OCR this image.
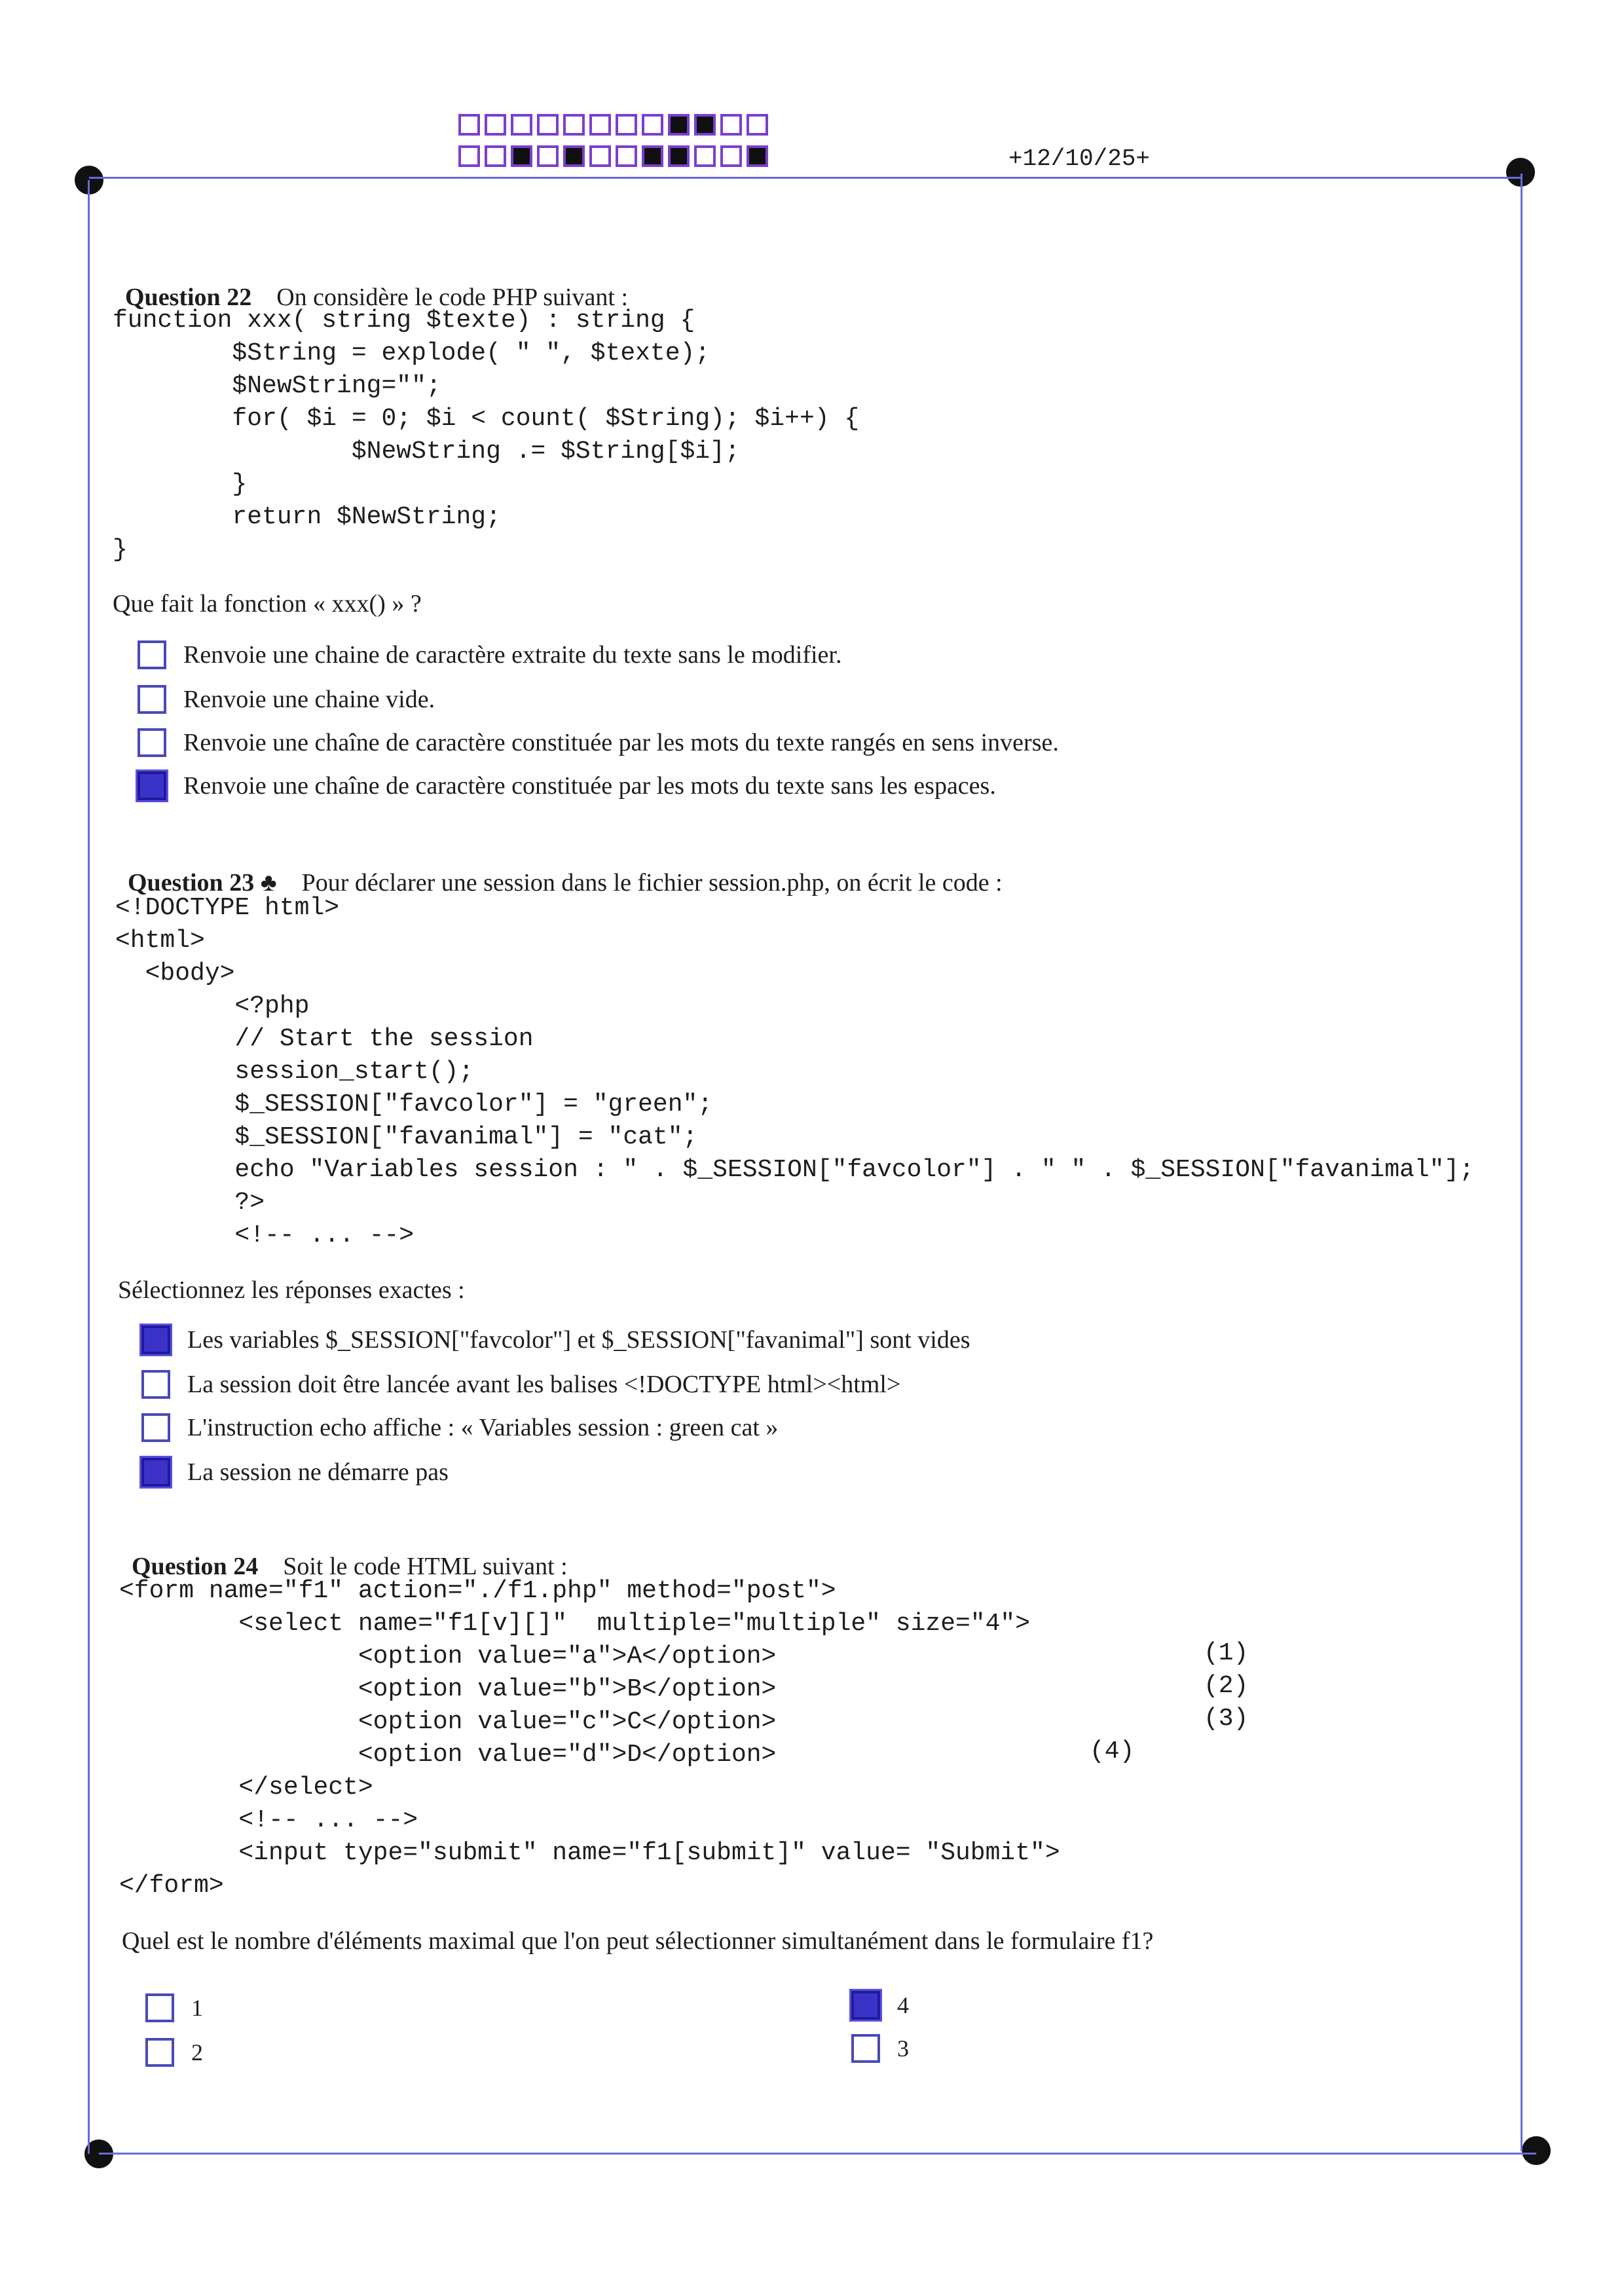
+12/10/25+

Question 22 On considère le code PHP suivant :

function xxx( string $texte) : string {
$String = explode( " ", $texte);
$NewString="";
for( $i = 0; $i < count( $String); $i++) {
$NewString .= $String[$i];
}
return $NewString;
}
Que fait la fonction « xxx() » ?
Renvoie une chaine de caractère extraite du texte sans le modifier.
Renvoie une chaine vide.
Renvoie une chaîne de caractère constituée par les mots du texte rangés en sens inverse.
Renvoie une chaîne de caractère constituée par les mots du texte sans les espaces.

Question 23 ♣ Pour déclarer une session dans le fichier session.php, on écrit le code :

<!DOCTYPE html>
<html>
<body>
<?php
// Start the session
session_start();
$_SESSION["favcolor"] = "green";
$_SESSION["favanimal"] = "cat";
echo "Variables session : " . $_SESSION["favcolor"] . " " . $_SESSION["favanimal"];
?>
<!-- ... -->
Sélectionnez les réponses exactes :
Les variables $_SESSION["favcolor"] et $_SESSION["favanimal"] sont vides
La session doit être lancée avant les balises <!DOCTYPE html><html>
L'instruction echo affiche : « Variables session : green cat »
La session ne démarre pas

Question 24 Soit le code HTML suivant :

<form name="f1" action="./f1.php" method="post">
<select name="f1[v][]"  multiple="multiple" size="4">
<option value="a">A</option>
<option value="b">B</option>
<option value="c">C</option>
<option value="d">D</option>
</select>
<!-- ... -->
<input type="submit" name="f1[submit]" value= "Submit">
</form>
(1)
(2)
(3)
(4)
Quel est le nombre d'éléments maximal que l'on peut sélectionner simultanément dans le formulaire f1?
1
2
4
3
